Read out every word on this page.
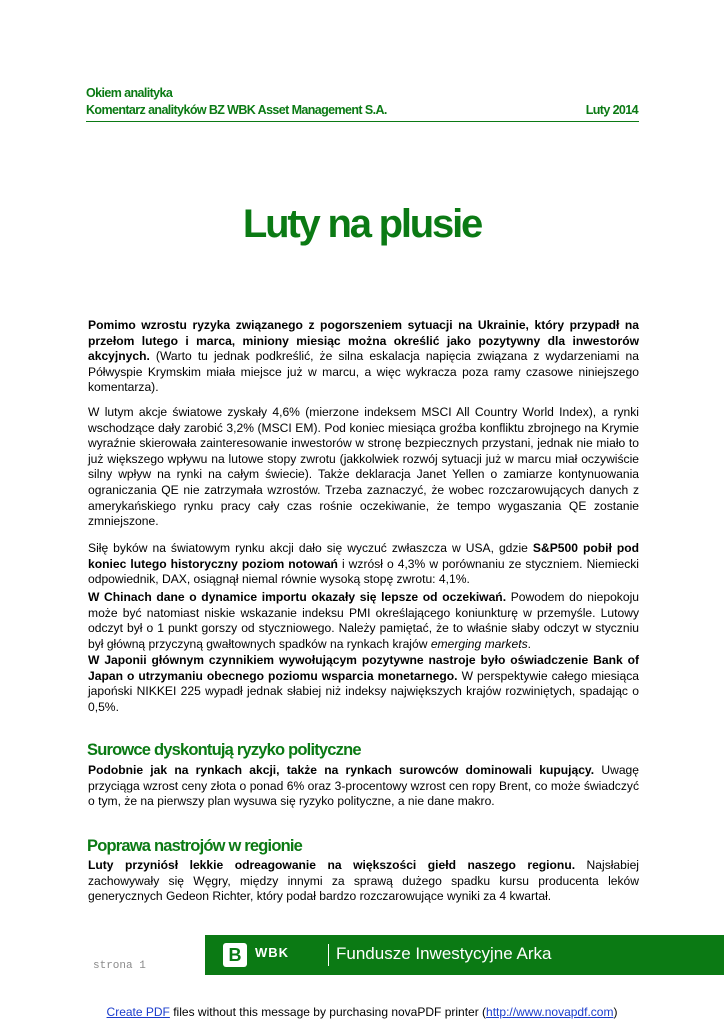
Okiem analityka
Komentarz analityków BZ WBK Asset Management S.A.	Luty 2014
Luty na plusie
Pomimo wzrostu ryzyka związanego z pogorszeniem sytuacji na Ukrainie, który przypadł na przełom lutego i marca, miniony miesiąc można określić jako pozytywny dla inwestorów akcyjnych. (Warto tu jednak podkreślić, że silna eskalacja napięcia związana z wydarzeniami na Półwyspie Krymskim miała miejsce już w marcu, a więc wykracza poza ramy czasowe niniejszego komentarza).
W lutym akcje światowe zyskały 4,6% (mierzone indeksem MSCI All Country World Index), a rynki wschodzące dały zarobić 3,2% (MSCI EM). Pod koniec miesiąca groźba konfliktu zbrojnego na Krymie wyraźnie skierowała zainteresowanie inwestorów w stronę bezpiecznych przystani, jednak nie miało to już większego wpływu na lutowe stopy zwrotu (jakkolwiek rozwój sytuacji już w marcu miał oczywiście silny wpływ na rynki na całym świecie). Także deklaracja Janet Yellen o zamiarze kontynuowania ograniczania QE nie zatrzymała wzrostów. Trzeba zaznaczyć, że wobec rozczarowujących danych z amerykańskiego rynku pracy cały czas rośnie oczekiwanie, że tempo wygaszania QE zostanie zmniejszone.
Siłę byków na światowym rynku akcji dało się wyczuć zwłaszcza w USA, gdzie S&P500 pobił pod koniec lutego historyczny poziom notowań i wzrósł o 4,3% w porównaniu ze styczniem. Niemiecki odpowiednik, DAX, osiągnął niemal równie wysoką stopę zwrotu: 4,1%.
W Chinach dane o dynamice importu okazały się lepsze od oczekiwań. Powodem do niepokoju może być natomiast niskie wskazanie indeksu PMI określającego koniunkturę w przemyśle. Lutowy odczyt był o 1 punkt gorszy od styczniowego. Należy pamiętać, że to właśnie słaby odczyt w styczniu był główną przyczyną gwałtownych spadków na rynkach krajów emerging markets.
W Japonii głównym czynnikiem wywołującym pozytywne nastroje było oświadczenie Bank of Japan o utrzymaniu obecnego poziomu wsparcia monetarnego. W perspektywie całego miesiąca japoński NIKKEI 225 wypadł jednak słabiej niż indeksy największych krajów rozwiniętych, spadając o 0,5%.
Surowce dyskontują ryzyko polityczne
Podobnie jak na rynkach akcji, także na rynkach surowców dominowali kupujący. Uwagę przyciąga wzrost ceny złota o ponad 6% oraz 3-procentowy wzrost cen ropy Brent, co może świadczyć o tym, że na pierwszy plan wysuwa się ryzyko polityczne, a nie dane makro.
Poprawa nastrojów w regionie
Luty przyniósł lekkie odreagowanie na większości giełd naszego regionu. Najsłabiej zachowywały się Węgry, między innymi za sprawą dużego spadku kursu producenta leków generycznych Gedeon Richter, który podał bardzo rozczarowujące wyniki za 4 kwartał.
strona 1
B	WBK	Fundusze Inwestycyjne Arka
Create PDF files without this message by purchasing novaPDF printer (http://www.novapdf.com)
